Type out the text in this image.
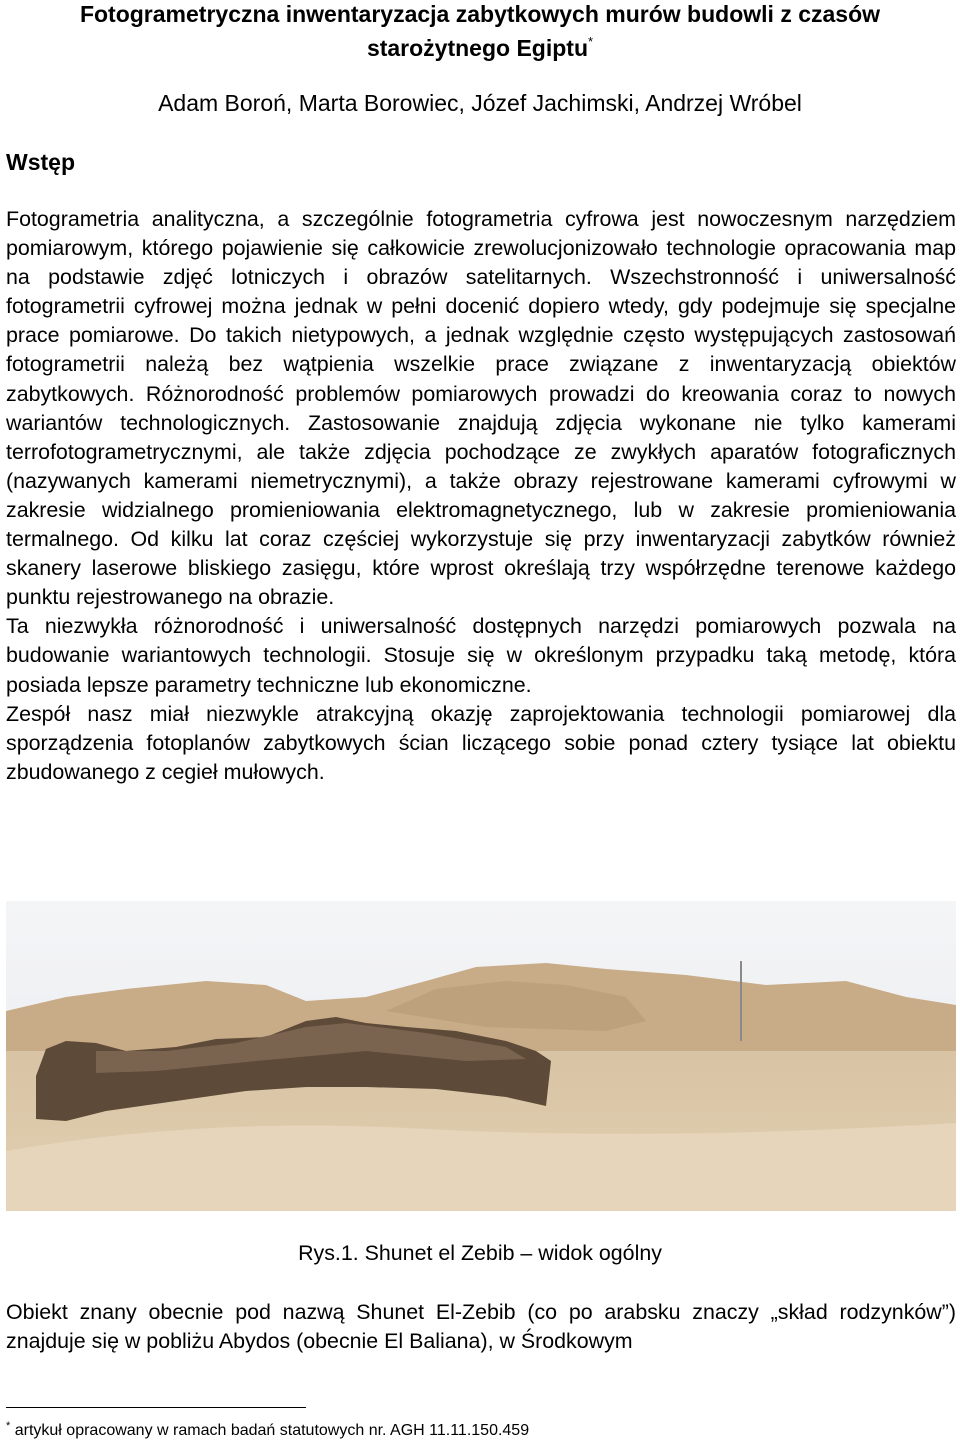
Fotogrametryczna inwentaryzacja zabytkowych murów budowli z czasów starożytnego Egiptu*
Adam Boroń, Marta Borowiec, Józef Jachimski, Andrzej Wróbel
Wstęp

Fotogrametria analityczna, a szczególnie fotogrametria cyfrowa jest nowoczesnym narzędziem pomiarowym, którego pojawienie się całkowicie zrewolucjonizowało technologie opracowania map na podstawie zdjęć lotniczych i obrazów satelitarnych. Wszechstronność i uniwersalność fotogrametrii cyfrowej można jednak w pełni docenić dopiero wtedy, gdy podejmuje się specjalne prace pomiarowe. Do takich nietypowych, a jednak względnie często występujących zastosowań fotogrametrii należą bez wątpienia wszelkie prace związane z inwentaryzacją obiektów zabytkowych. Różnorodność problemów pomiarowych prowadzi do kreowania coraz to nowych wariantów technologicznych. Zastosowanie znajdują zdjęcia wykonane nie tylko kamerami terrofotogrametrycznymi, ale także zdjęcia pochodzące ze zwykłych aparatów fotograficznych (nazywanych kamerami niemetrycznymi), a także obrazy rejestrowane kamerami cyfrowymi w zakresie widzialnego promieniowania elektromagnetycznego, lub w zakresie promieniowania termalnego. Od kilku lat coraz częściej wykorzystuje się przy inwentaryzacji zabytków również skanery laserowe bliskiego zasięgu, które wprost określają trzy współrzędne terenowe każdego punktu rejestrowanego na obrazie.

Ta niezwykła różnorodność i uniwersalność dostępnych narzędzi pomiarowych pozwala na budowanie wariantowych technologii. Stosuje się w określonym przypadku taką metodę, która posiada lepsze parametry techniczne lub ekonomiczne.

Zespół nasz miał niezwykle atrakcyjną okazję zaprojektowania technologii pomiarowej dla sporządzenia fotoplanów zabytkowych ścian liczącego sobie ponad cztery tysiące lat obiektu zbudowanego z cegieł mułowych.

Rys.1. Shunet el Zebib – widok ogólny

Obiekt znany obecnie pod nazwą Shunet El-Zebib (co po arabsku znaczy „skład rodzynków”) znajduje się w pobliżu Abydos (obecnie El Baliana), w Środkowym

* artykuł opracowany w ramach badań statutowych nr. AGH 11.11.150.459
